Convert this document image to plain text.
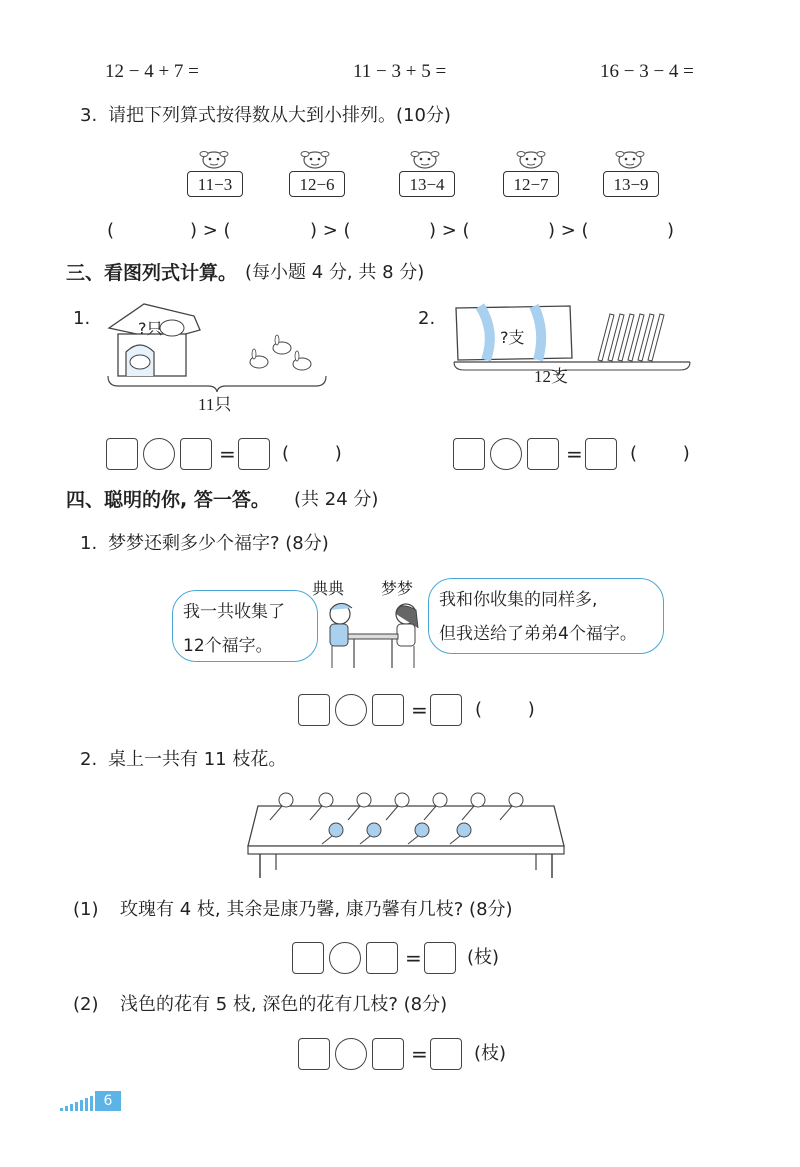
12 − 4 + 7 =	11 − 3 + 5 =	16 − 3 − 4 =
3. 请把下列算式按得数从大到小排列。(10分)
11−3	12−6	13−4	12−7	13−9
(	) > (	) > (	) > (	) > (	)
三、看图列式计算。 (每小题 4 分, 共 8 分)
1.	?只
11只
=	(        )
2.
?支
12支
=	(        )
四、聪明的你, 答一答。 (共 24 分)
1. 梦梦还剩多少个福字? (8分)
典典 梦梦
我一共收集了
12个福字。
我和你收集的同样多,
但我送给了弟弟4个福字。
=	(        )
2. 桌上一共有 11 枝花。
(1) 玫瑰有 4 枝, 其余是康乃馨, 康乃馨有几枝? (8分)
=	(枝)
(2) 浅色的花有 5 枝, 深色的花有几枝? (8分)
=	(枝)
6
